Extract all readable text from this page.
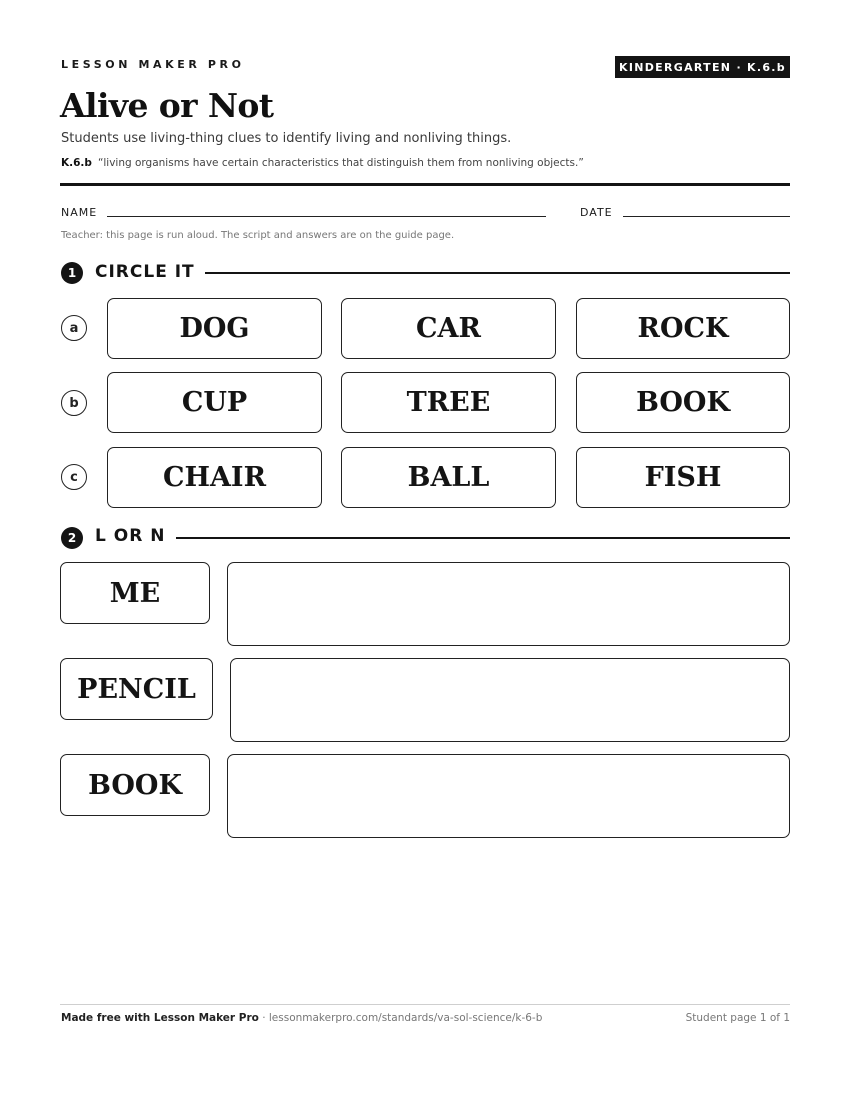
LESSON MAKER PRO	KINDERGARTEN · K.6.b
Alive or Not

Students use living-thing clues to identify living and nonliving things.

K.6.b “living organisms have certain characteristics that distinguish them from nonliving objects.”

NAME	DATE

Teacher: this page is run aloud. The script and answers are on the guide page.

1	CIRCLE IT
a	DOG	CAR	ROCK
b	CUP	TREE	BOOK
c	CHAIR	BALL	FISH
2	L OR N
ME
PENCIL
BOOK

Made free with Lesson Maker Pro · lessonmakerpro.com/standards/va-sol-science/k-6-b	Student page 1 of 1
